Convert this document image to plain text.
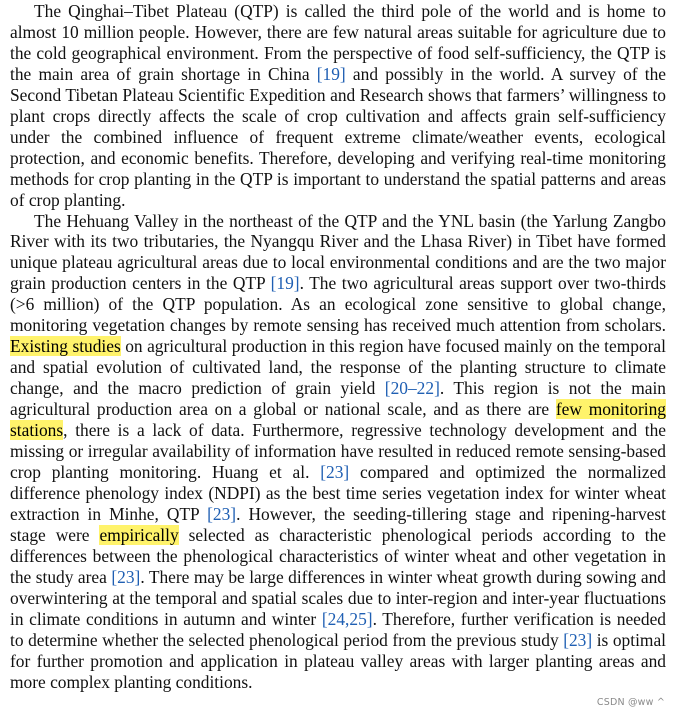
The Qinghai–Tibet Plateau (QTP) is called the third pole of the world and is home to almost 10 million people. However, there are few natural areas suitable for agriculture due to the cold geographical environment. From the perspective of food self-sufficiency, the QTP is the main area of grain shortage in China [19] and possibly in the world. A survey of the Second Tibetan Plateau Scientific Expedition and Research shows that farmers’ willingness to plant crops directly affects the scale of crop cultivation and affects grain self-sufficiency under the combined influence of frequent extreme climate/weather events, ecological protection, and economic benefits. Therefore, developing and verifying real-time monitoring methods for crop planting in the QTP is important to understand the spatial patterns and areas of crop planting.

The Hehuang Valley in the northeast of the QTP and the YNL basin (the Yarlung Zangbo River with its two tributaries, the Nyangqu River and the Lhasa River) in Tibet have formed unique plateau agricultural areas due to local environmental conditions and are the two major grain production centers in the QTP [19]. The two agricultural areas support over two-thirds (>6 million) of the QTP population. As an ecological zone sensitive to global change, monitoring vegetation changes by remote sensing has received much attention from scholars. Existing studies on agricultural production in this region have focused mainly on the temporal and spatial evolution of cultivated land, the response of the planting structure to climate change, and the macro prediction of grain yield [20–22]. This region is not the main agricultural production area on a global or national scale, and as there are few monitoring stations, there is a lack of data. Furthermore, regressive technology development and the missing or irregular availability of information have resulted in reduced remote sensing-based crop planting monitoring. Huang et al. [23] compared and optimized the normalized difference phenology index (NDPI) as the best time series vegetation index for winter wheat extraction in Minhe, QTP [23]. However, the seeding-tillering stage and ripening-harvest stage were empirically selected as characteristic phenological periods according to the differences between the phenological characteristics of winter wheat and other vegetation in the study area [23]. There may be large differences in winter wheat growth during sowing and overwintering at the temporal and spatial scales due to inter-region and inter-year fluctuations in climate conditions in autumn and winter [24,25]. Therefore, further verification is needed to determine whether the selected phenological period from the previous study [23] is optimal for further promotion and application in plateau valley areas with larger planting areas and more complex planting conditions.

CSDN @ww ^
